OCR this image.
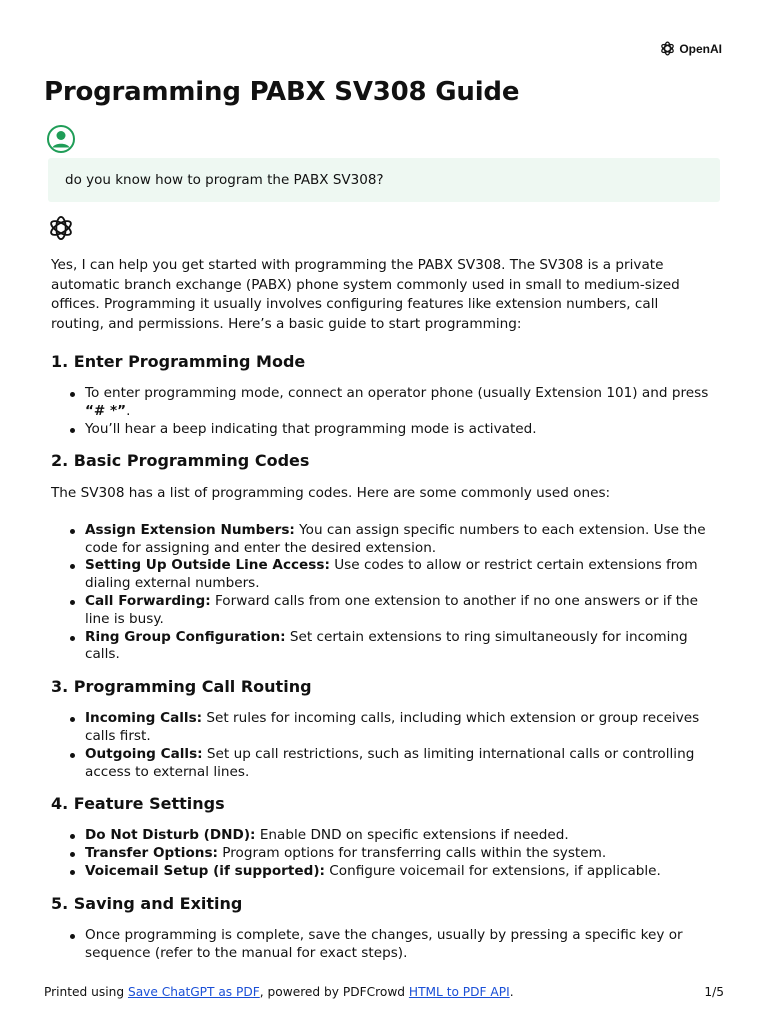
OpenAI
Programming PABX SV308 Guide
do you know how to program the PABX SV308?

Yes, I can help you get started with programming the PABX SV308. The SV308 is a private automatic branch exchange (PABX) phone system commonly used in small to medium-sized offices. Programming it usually involves configuring features like extension numbers, call routing, and permissions. Here’s a basic guide to start programming:

1. Enter Programming Mode
To enter programming mode, connect an operator phone (usually Extension 101) and press “# *”.
You’ll hear a beep indicating that programming mode is activated.
2. Basic Programming Codes

The SV308 has a list of programming codes. Here are some commonly used ones:

Assign Extension Numbers: You can assign specific numbers to each extension. Use the code for assigning and enter the desired extension.
Setting Up Outside Line Access: Use codes to allow or restrict certain extensions from dialing external numbers.
Call Forwarding: Forward calls from one extension to another if no one answers or if the line is busy.
Ring Group Configuration: Set certain extensions to ring simultaneously for incoming calls.
3. Programming Call Routing
Incoming Calls: Set rules for incoming calls, including which extension or group receives calls first.
Outgoing Calls: Set up call restrictions, such as limiting international calls or controlling access to external lines.
4. Feature Settings
Do Not Disturb (DND): Enable DND on specific extensions if needed.
Transfer Options: Program options for transferring calls within the system.
Voicemail Setup (if supported): Configure voicemail for extensions, if applicable.
5. Saving and Exiting
Once programming is complete, save the changes, usually by pressing a specific key or sequence (refer to the manual for exact steps).
Printed using Save ChatGPT as PDF, powered by PDFCrowd HTML to PDF API.	1/5
